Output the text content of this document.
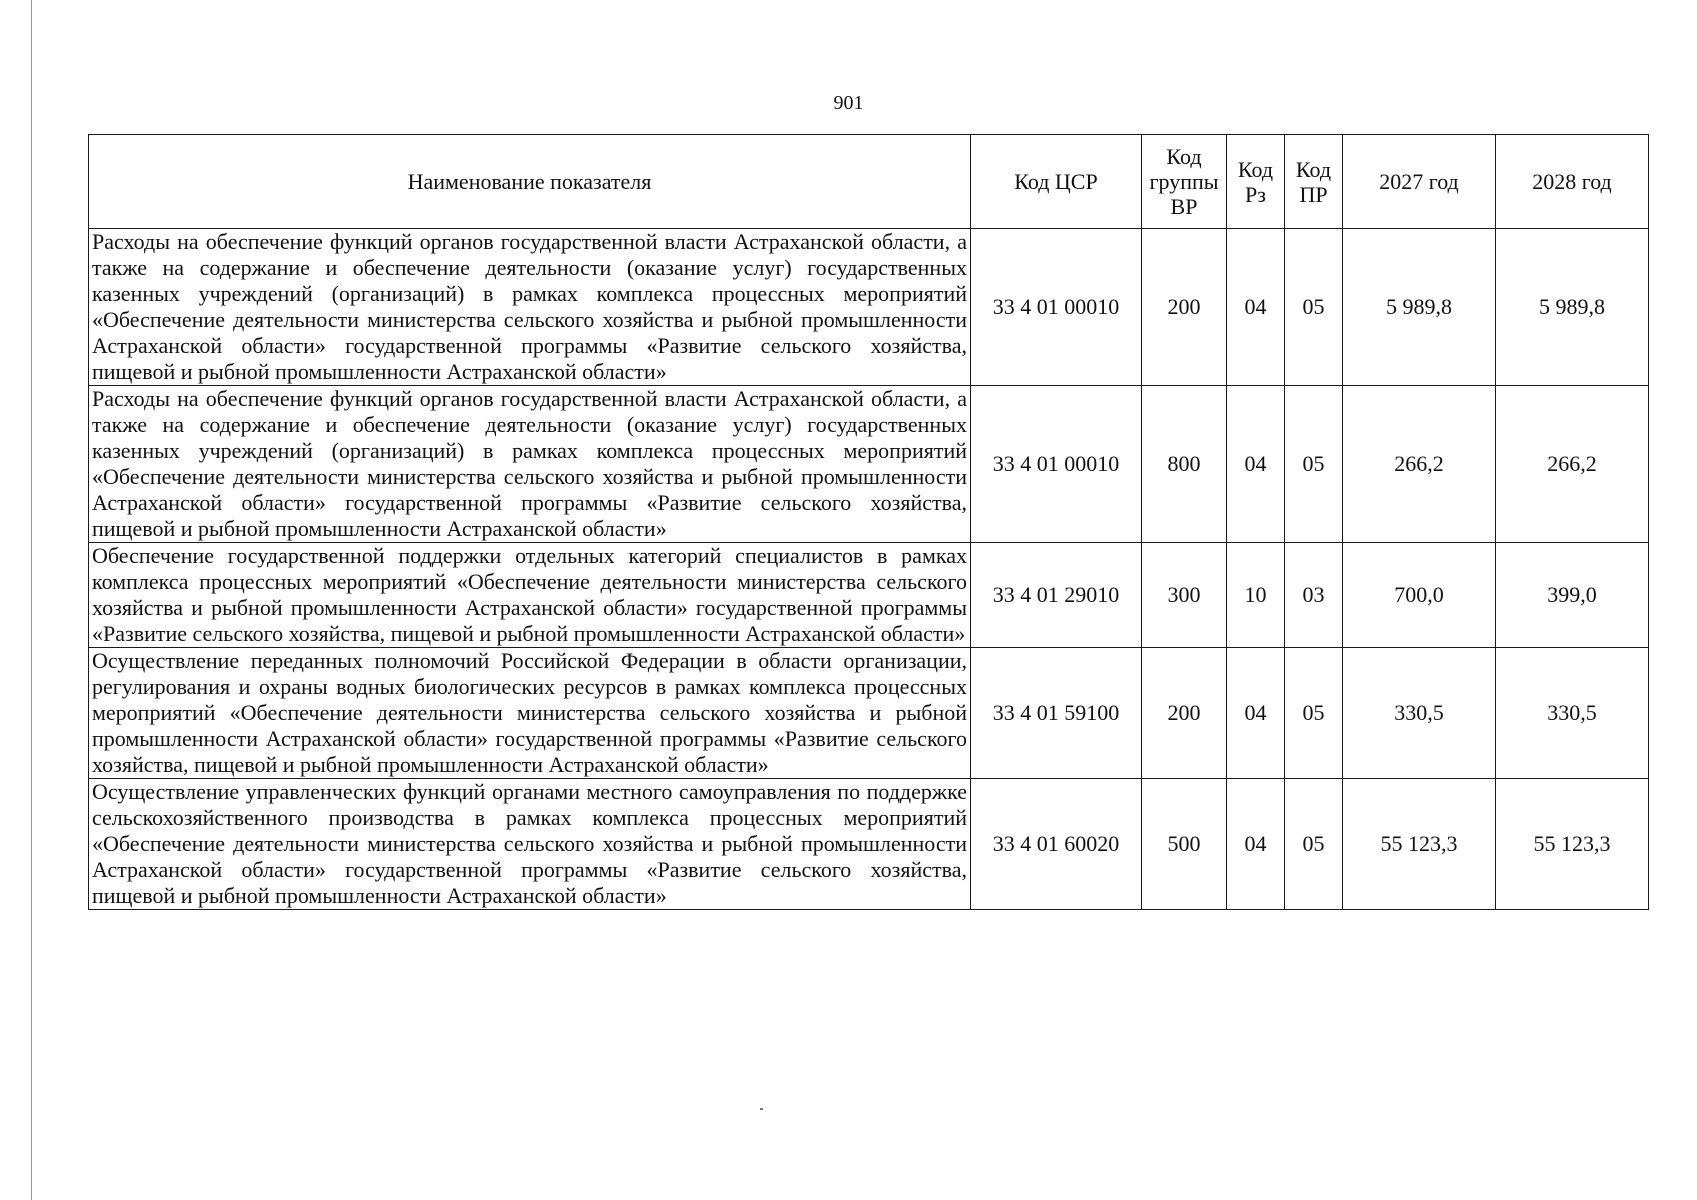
901
Наименование показателя	Код ЦСР	Код группы ВР	Код Рз	Код ПР	2027 год	2028 год
Расходы на обеспечение функций органов государственной власти Астраханской области, а также на содержание и обеспечение деятельности (оказание услуг) государственных казенных учреждений (организаций) в рамках комплекса процессных мероприятий «Обеспечение деятельности министерства сельского хозяйства и рыбной промышленности Астраханской области» государственной программы «Развитие сельского хозяйства, пищевой и рыбной промышленности Астраханской области»	33 4 01 00010	200	04	05	5 989,8	5 989,8
Расходы на обеспечение функций органов государственной власти Астраханской области, а также на содержание и обеспечение деятельности (оказание услуг) государственных казенных учреждений (организаций) в рамках комплекса процессных мероприятий «Обеспечение деятельности министерства сельского хозяйства и рыбной промышленности Астраханской области» государственной программы «Развитие сельского хозяйства, пищевой и рыбной промышленности Астраханской области»	33 4 01 00010	800	04	05	266,2	266,2
Обеспечение государственной поддержки отдельных категорий специалистов в рамках комплекса процессных мероприятий «Обеспечение деятельности министерства сельского хозяйства и рыбной промышленности Астраханской области» государственной программы «Развитие сельского хозяйства, пищевой и рыбной промышленности Астраханской области»	33 4 01 29010	300	10	03	700,0	399,0
Осуществление переданных полномочий Российской Федерации в области организации, регулирования и охраны водных биологических ресурсов в рамках комплекса процессных мероприятий «Обеспечение деятельности министерства сельского хозяйства и рыбной промышленности Астраханской области» государственной программы «Развитие сельского хозяйства, пищевой и рыбной промышленности Астраханской области»	33 4 01 59100	200	04	05	330,5	330,5
Осуществление управленческих функций органами местного самоуправления по поддержке сельскохозяйственного производства в рамках комплекса процессных мероприятий «Обеспечение деятельности министерства сельского хозяйства и рыбной промышленности Астраханской области» государственной программы «Развитие сельского хозяйства, пищевой и рыбной промышленности Астраханской области»	33 4 01 60020	500	04	05	55 123,3	55 123,3
